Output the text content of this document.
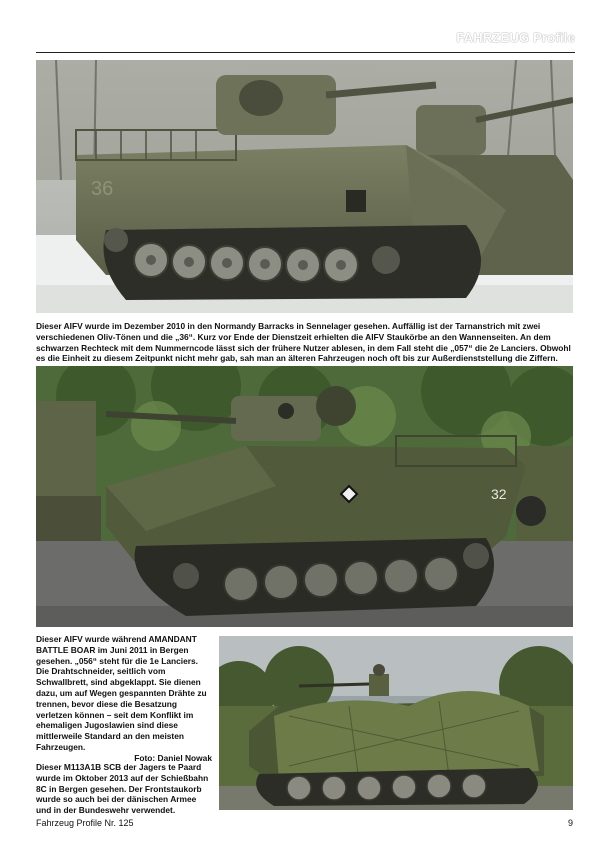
FAHRZEUG Profile
36
Dieser AIFV wurde im Dezember 2010 in den Normandy Barracks in Sennelager gesehen. Auffällig ist der Tarnanstrich mit zwei verschiedenen Oliv-Tönen und die „36“. Kurz vor Ende der Dienstzeit erhielten die AIFV Staukörbe an den Wannenseiten. An dem schwarzen Rechteck mit dem Nummerncode lässt sich der frühere Nutzer ablesen, in dem Fall steht die „057“ die 2e Lanciers. Obwohl es die Einheit zu diesem Zeitpunkt nicht mehr gab, sah man an älteren Fahrzeugen noch oft bis zur Außerdienststellung die Ziffern.
32
Dieser AIFV wurde während AMANDANT BATTLE BOAR im Juni 2011 in Bergen gesehen. „056“ steht für die 1e Lanciers. Die Drahtschneider, seitlich vom Schwallbrett, sind abgeklappt. Sie dienen dazu, um auf Wegen gespannten Drähte zu trennen, bevor diese die Besatzung verletzen können – seit dem Konflikt im ehemaligen Jugoslawien sind diese mittlerweile Standard an den meisten Fahrzeugen.
Foto: Daniel Nowak
Dieser M113A1B SCB der Jagers te Paard wurde im Oktober 2013 auf der Schießbahn 8C in Bergen gesehen. Der Frontstaukorb wurde so auch bei der dänischen Armee und in der Bundeswehr verwendet.
Fahrzeug Profile Nr. 125	9
